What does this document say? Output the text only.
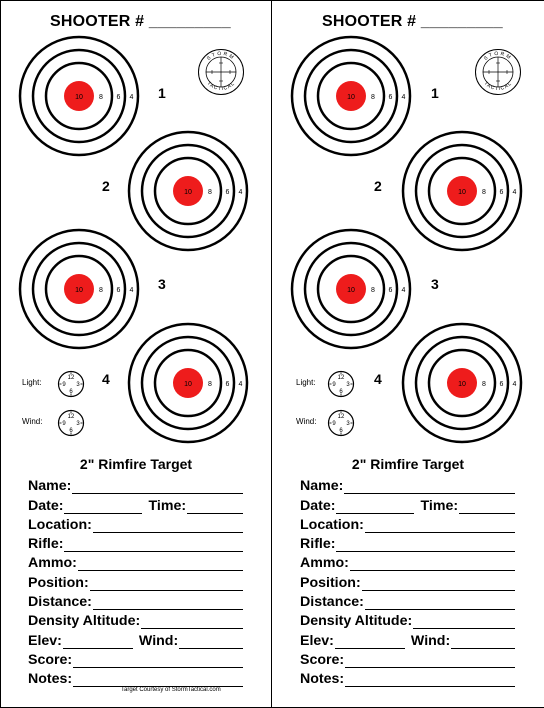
SHOOTER # _________
STORM
TACTICAL
10 8 6 4 1
10 8 6 4
2
10 8 6 4 3
10 8 6 4
4
Light:	12
3
6
9
Wind:	12
3
6
9
2" Rimfire Target
Name:
Date:	Time:
Location:
Rifle:
Ammo:
Position:
Distance:
Density Altitude:
Elev:	Wind:
Score:
Notes:
Target Courtesy of StormTactical.com
SHOOTER # _________
STORM
TACTICAL
10 8 6 4 1
10 8 6 4
2
10 8 6 4 3
10 8 6 4
4
Light:	12
3
6
9
Wind:	12
3
6
9
2" Rimfire Target
Name:
Date:	Time:
Location:
Rifle:
Ammo:
Position:
Distance:
Density Altitude:
Elev:	Wind:
Score:
Notes:
